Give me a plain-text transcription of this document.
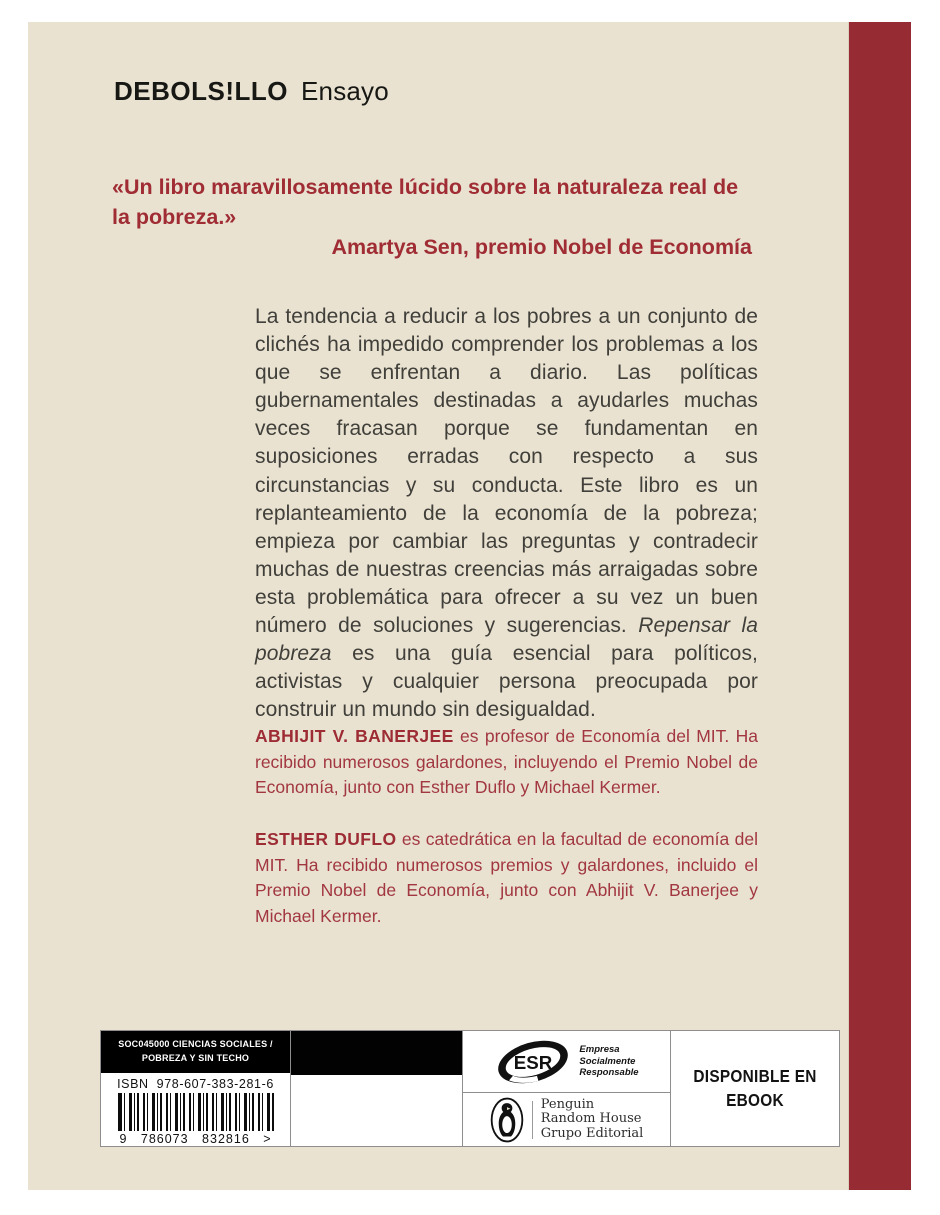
DEBOLS!LLO Ensayo
«Un libro maravillosamente lúcido sobre la naturaleza real de la pobreza.»
Amartya Sen, premio Nobel de Economía
La tendencia a reducir a los pobres a un conjunto de clichés ha impedido comprender los problemas a los que se enfrentan a diario. Las políticas gubernamentales destinadas a ayudarles muchas veces fracasan porque se fundamentan en suposiciones erradas con respecto a sus circunstancias y su conducta. Este libro es un replanteamiento de la economía de la pobreza; empieza por cambiar las preguntas y contradecir muchas de nuestras creencias más arraigadas sobre esta problemática para ofrecer a su vez un buen número de soluciones y sugerencias. Repensar la pobreza es una guía esencial para políticos, activistas y cualquier persona preocupada por construir un mundo sin desigualdad.
ABHIJIT V. BANERJEE es profesor de Economía del MIT. Ha recibido numerosos galardones, incluyendo el Premio Nobel de Economía, junto con Esther Duflo y Michael Kermer.
ESTHER DUFLO es catedrática en la facultad de economía del MIT. Ha recibido numerosos premios y galardones, incluido el Premio Nobel de Economía, junto con Abhijit V. Banerjee y Michael Kermer.
SOC045000 CIENCIAS SOCIALES / POBREZA Y SIN TECHO
ISBN 978-607-383-281-6
9 786073 832816 >
ESR
Empresa
Socialmente
Responsable
Penguin
Random House
Grupo Editorial
DISPONIBLE EN
EBOOK
